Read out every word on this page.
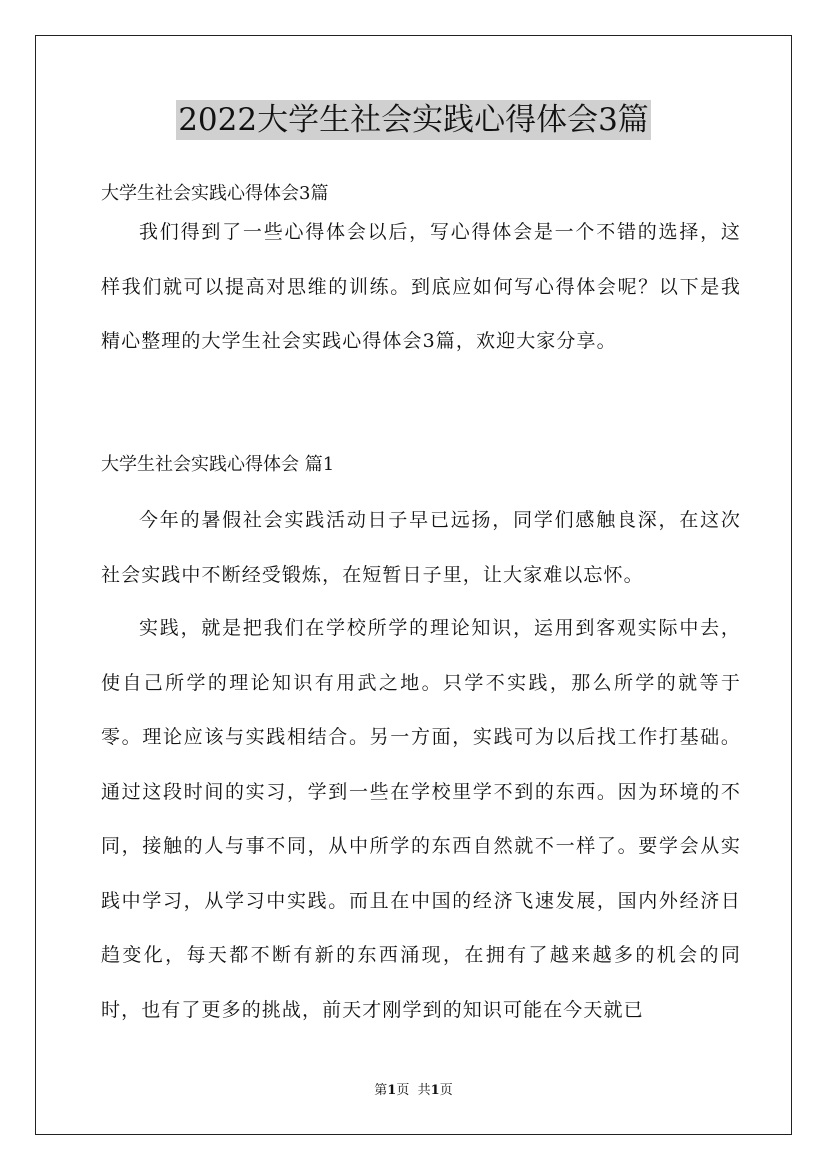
2022大学生社会实践心得体会3篇
大学生社会实践心得体会3篇

我们得到了一些心得体会以后，写心得体会是一个不错的选择，这样我们就可以提高对思维的训练。到底应如何写心得体会呢？以下是我精心整理的大学生社会实践心得体会3篇，欢迎大家分享。

大学生社会实践心得体会 篇1

今年的暑假社会实践活动日子早已远扬，同学们感触良深，在这次社会实践中不断经受锻炼，在短暂日子里，让大家难以忘怀。

实践，就是把我们在学校所学的理论知识，运用到客观实际中去，使自己所学的理论知识有用武之地。只学不实践，那么所学的就等于零。理论应该与实践相结合。另一方面，实践可为以后找工作打基础。通过这段时间的实习，学到一些在学校里学不到的东西。因为环境的不同，接触的人与事不同，从中所学的东西自然就不一样了。要学会从实践中学习，从学习中实践。而且在中国的经济飞速发展，国内外经济日趋变化，每天都不断有新的东西涌现，在拥有了越来越多的机会的同时，也有了更多的挑战，前天才刚学到的知识可能在今天就已

第1页 共1页
